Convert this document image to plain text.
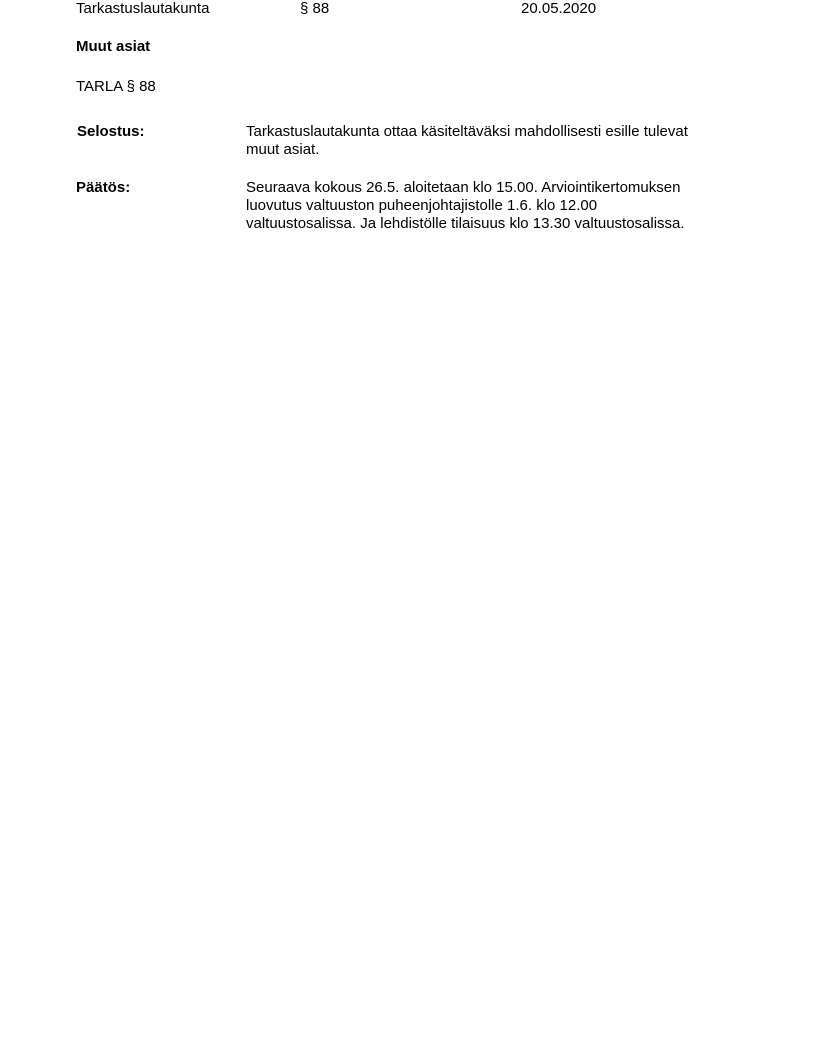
Tarkastuslautakunta	§ 88	20.05.2020
Muut asiat
TARLA § 88
Selostus:	Tarkastuslautakunta ottaa käsiteltäväksi mahdollisesti esille tulevat
muut asiat.
Päätös:	Seuraava kokous 26.5. aloitetaan klo 15.00. Arviointikertomuksen
luovutus valtuuston puheenjohtajistolle 1.6. klo 12.00
valtuustosalissa. Ja lehdistölle tilaisuus klo 13.30 valtuustosalissa.
